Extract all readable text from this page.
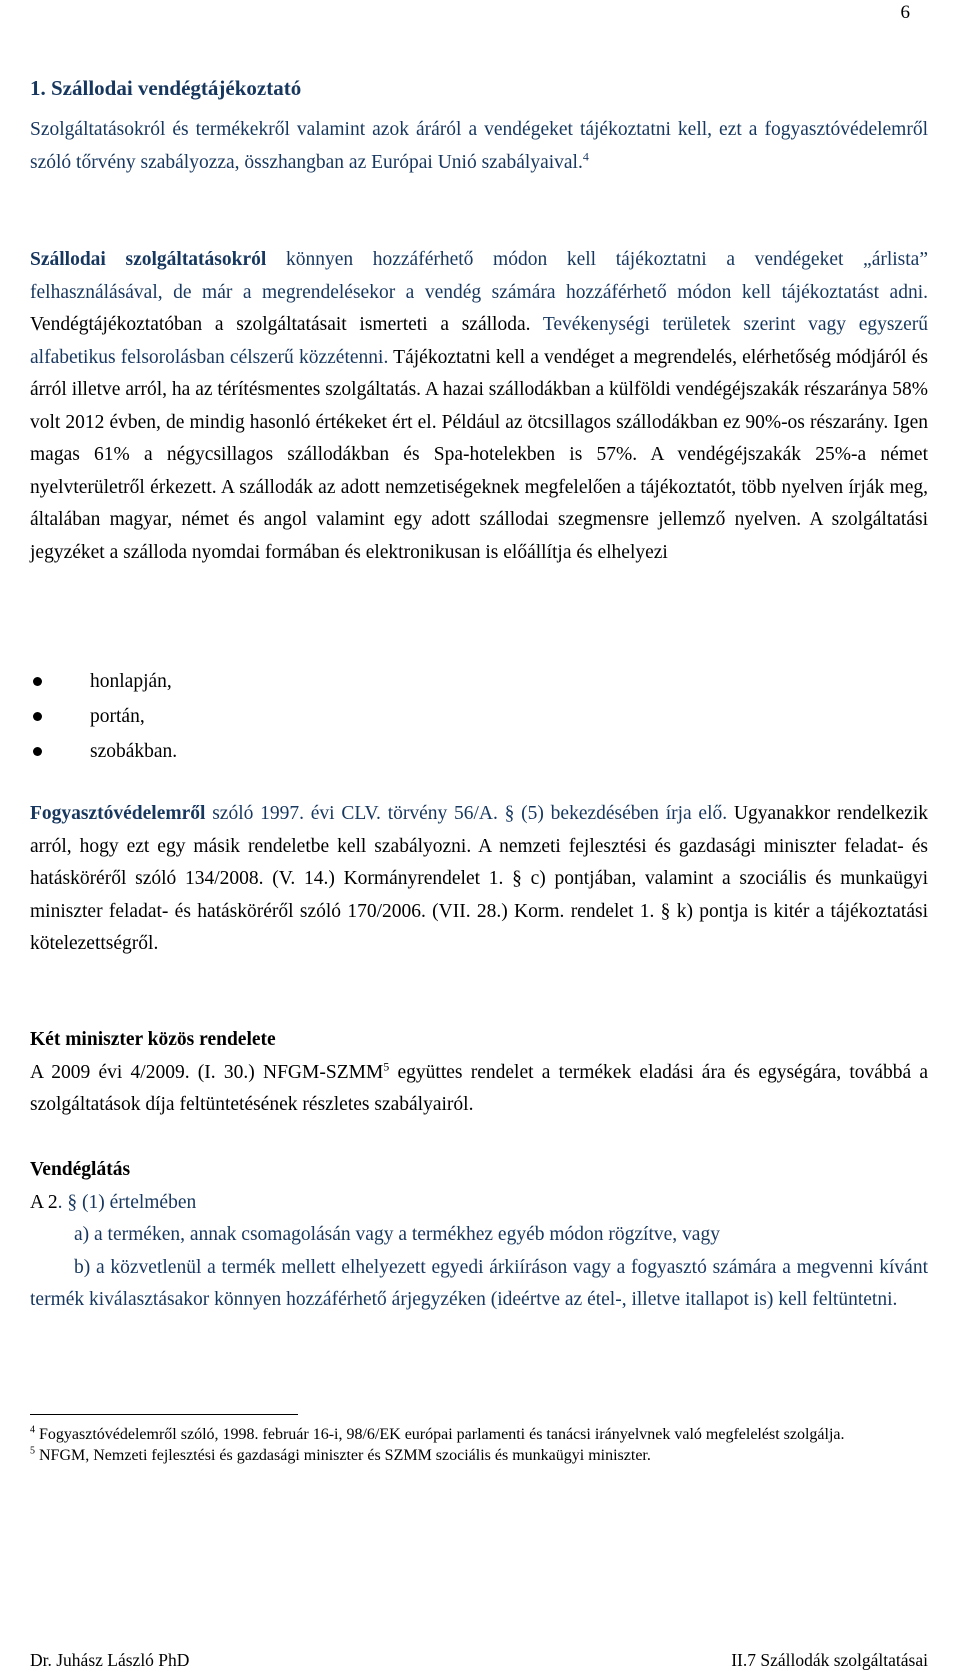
6
1. Szállodai vendégtájékoztató

Szolgáltatásokról és termékekről valamint azok áráról a vendégeket tájékoztatni kell, ezt a fogyasztóvédelemről szóló tőrvény szabályozza, összhangban az Európai Unió szabályaival.$^4$

Szállodai szolgáltatásokról könnyen hozzáférhető módon kell tájékoztatni a vendégeket „árlista” felhasználásával, de már a megrendelésekor a vendég számára hozzáférhető módon kell tájékoztatást adni. Vendégtájékoztatóban a szolgáltatásait ismerteti a szálloda. Tevékenységi területek szerint vagy egyszerű alfabetikus felsorolásban célszerű közzétenni. Tájékoztatni kell a vendéget a megrendelés, elérhetőség módjáról és árról illetve arról, ha az térítésmentes szolgáltatás. A hazai szállodákban a külföldi vendégéjszakák részaránya 58% volt 2012 évben, de mindig hasonló értékeket ért el. Például az ötcsillagos szállodákban ez 90%-os részarány. Igen magas 61% a négycsillagos szállodákban és Spa-hotelekben is 57%. A vendégéjszakák 25%-a német nyelvterületről érkezett. A szállodák az adott nemzetiségeknek megfelelően a tájékoztatót, több nyelven írják meg, általában magyar, német és angol valamint egy adott szállodai szegmensre jellemző nyelven. A szolgáltatási jegyzéket a szálloda nyomdai formában és elektronikusan is előállítja és elhelyezi

honlapján,
portán,
szobákban.

Fogyasztóvédelemről szóló 1997. évi CLV. törvény 56/A. § (5) bekezdésében írja elő. Ugyanakkor rendelkezik arról, hogy ezt egy másik rendeletbe kell szabályozni. A nemzeti fejlesztési és gazdasági miniszter feladat- és hatásköréről szóló 134/2008. (V. 14.) Kormányrendelet 1. § c) pontjában, valamint a szociális és munkaügyi miniszter feladat- és hatásköréről szóló 170/2006. (VII. 28.) Korm. rendelet 1. § k) pontja is kitér a tájékoztatási kötelezettségről.

Két miniszter közös rendelete

A 2009 évi 4/2009. (I. 30.) NFGM-SZMM$^5$ együttes rendelet a termékek eladási ára és egységára, továbbá a szolgáltatások díja feltüntetésének részletes szabályairól.

Vendéglátás

A 2. § (1) értelmében

a) a terméken, annak csomagolásán vagy a termékhez egyéb módon rögzítve, vagy

b) a közvetlenül a termék mellett elhelyezett egyedi árkiíráson vagy a fogyasztó számára a megvenni kívánt termék kiválasztásakor könnyen hozzáférhető árjegyzéken (ideértve az étel-, illetve itallapot is) kell feltüntetni.

$^4$ Fogyasztóvédelemről szóló, 1998. február 16-i, 98/6/EK európai parlamenti és tanácsi irányelvnek való megfelelést szolgálja.

$^5$ NFGM, Nemzeti fejlesztési és gazdasági miniszter és SZMM szociális és munkaügyi miniszter.

Dr. Juhász László PhD	II.7 Szállodák szolgáltatásai
